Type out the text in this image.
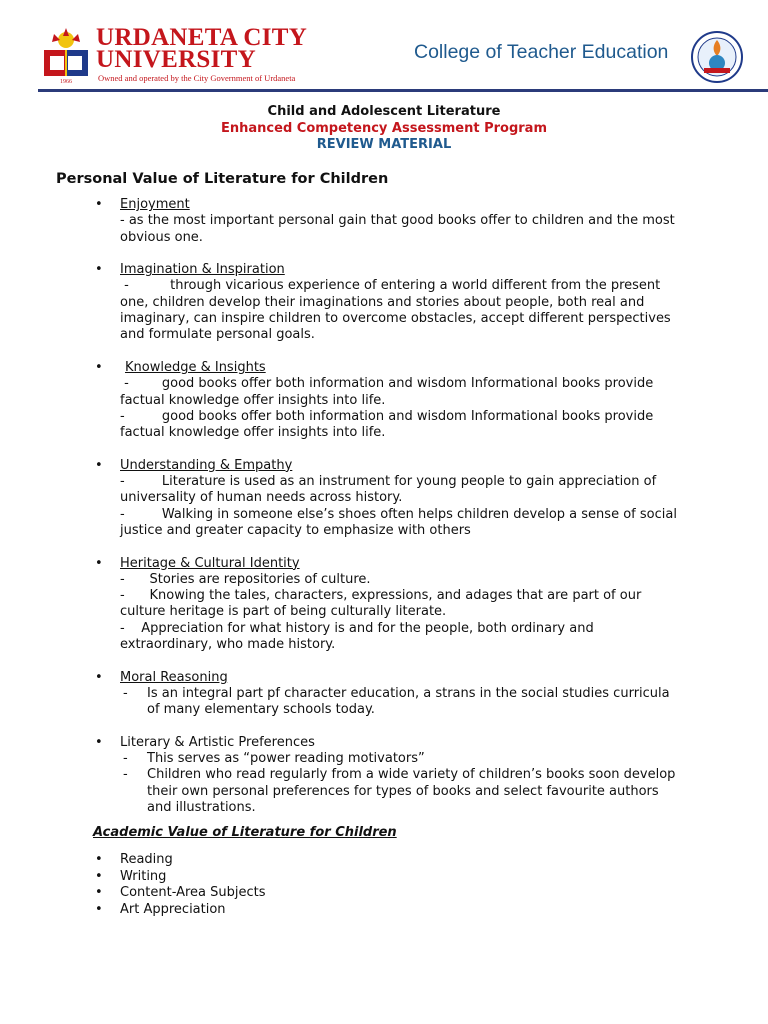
1966
URDANETA CITY
UNIVERSITY
Owned and operated by the City Government of Urdaneta
College of Teacher Education
Child and Adolescent Literature
Enhanced Competency Assessment Program
REVIEW MATERIAL
Personal Value of Literature for Children
• Enjoyment
- as the most important personal gain that good books offer to children and the most obvious one.
• Imagination & Inspiration
-          through vicarious experience of entering a world different from the present one, children develop their imaginations and stories about people, both real and imaginary, can inspire children to overcome obstacles, accept different perspectives and formulate personal goals.
• Knowledge & Insights
-        good books offer both information and wisdom Informational books provide factual knowledge offer insights into life.
-         good books offer both information and wisdom Informational books provide factual knowledge offer insights into life.
• Understanding & Empathy
-         Literature is used as an instrument for young people to gain appreciation of universality of human needs across history.
-         Walking in someone else’s shoes often helps children develop a sense of social justice and greater capacity to emphasize with others
• Heritage & Cultural Identity
-      Stories are repositories of culture.
-      Knowing the tales, characters, expressions, and adages that are part of our culture heritage is part of being culturally literate.
-    Appreciation for what history is and for the people, both ordinary and extraordinary, who made history.
• Moral Reasoning
- Is an integral part pf character education, a strans in the social studies curricula of many elementary schools today.
• Literary & Artistic Preferences
- This serves as “power reading motivators”
- Children who read regularly from a wide variety of children’s books soon develop their own personal preferences for types of books and select favourite authors and illustrations.
Academic Value of Literature for Children
• Reading
• Writing
• Content-Area Subjects
• Art Appreciation
